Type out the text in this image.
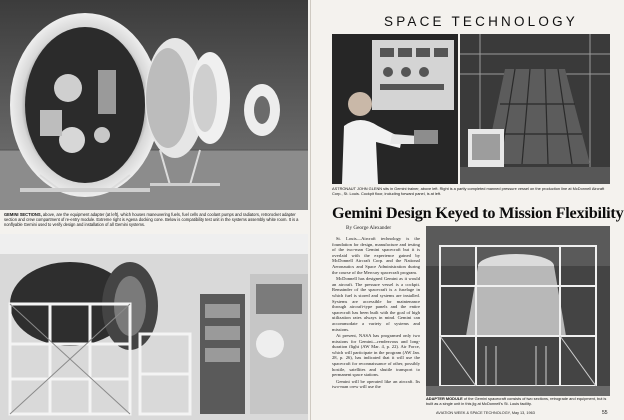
GEMINI SECTIONS, above, are the equipment adapter (at left), which houses maneuvering fuels, fuel cells and coolant pumps and radiators, retrorocket adapter section and crew compartment of re-entry module. Extreme right is Agena docking cone. Below is compatibility test unit in the systems assembly white room. It is a nonflyable Gemini used to verify design and installation of all Gemini systems.
SPACE TECHNOLOGY
ASTRONAUT JOHN GLENN sits in Gemini trainer, above left. Right is a partly completed manned pressure vessel on the production line at McDonnell Aircraft Corp., St. Louis. Cockpit floor, including forward panel, is at left.
Gemini Design Keyed to Mission Flexibility
By George Alexander

St. Louis—Aircraft technology is the foundation for design, manufacture and testing of the two-man Gemini spacecraft but it is overlaid with the experience gained by McDonnell Aircraft Corp. and the National Aeronautics and Space Administration during the course of the Mercury spacecraft program.

McDonnell has designed Gemini as it would an aircraft. The pressure vessel is a cockpit. Remainder of the spacecraft is a fuselage in which fuel is stored and systems are installed. Systems are accessible for maintenance through aircraft-type panels and the entire spacecraft has been built with the goal of high utilization rates always in mind. Gemini can accommodate a variety of systems and missions.

At present, NASA has programed only two missions for Gemini—rendezvous and long-duration flight (AW Mar. 4, p. 22). Air Force, which will participate in the program (AW Jan. 28, p. 26), has indicated that it will use the spacecraft for reconnaissance of other, possibly hostile, satellites and shuttle transport to permanent space stations.

Gemini will be operated like an aircraft. Its two-man crew will use the

ADAPTER MODULE of the Gemini spacecraft consists of two sections, retrograde and equipment, but is built as a single unit in this jig at McDonnell's St. Louis facility.
AVIATION WEEK & SPACE TECHNOLOGY, May 13, 1963	55
